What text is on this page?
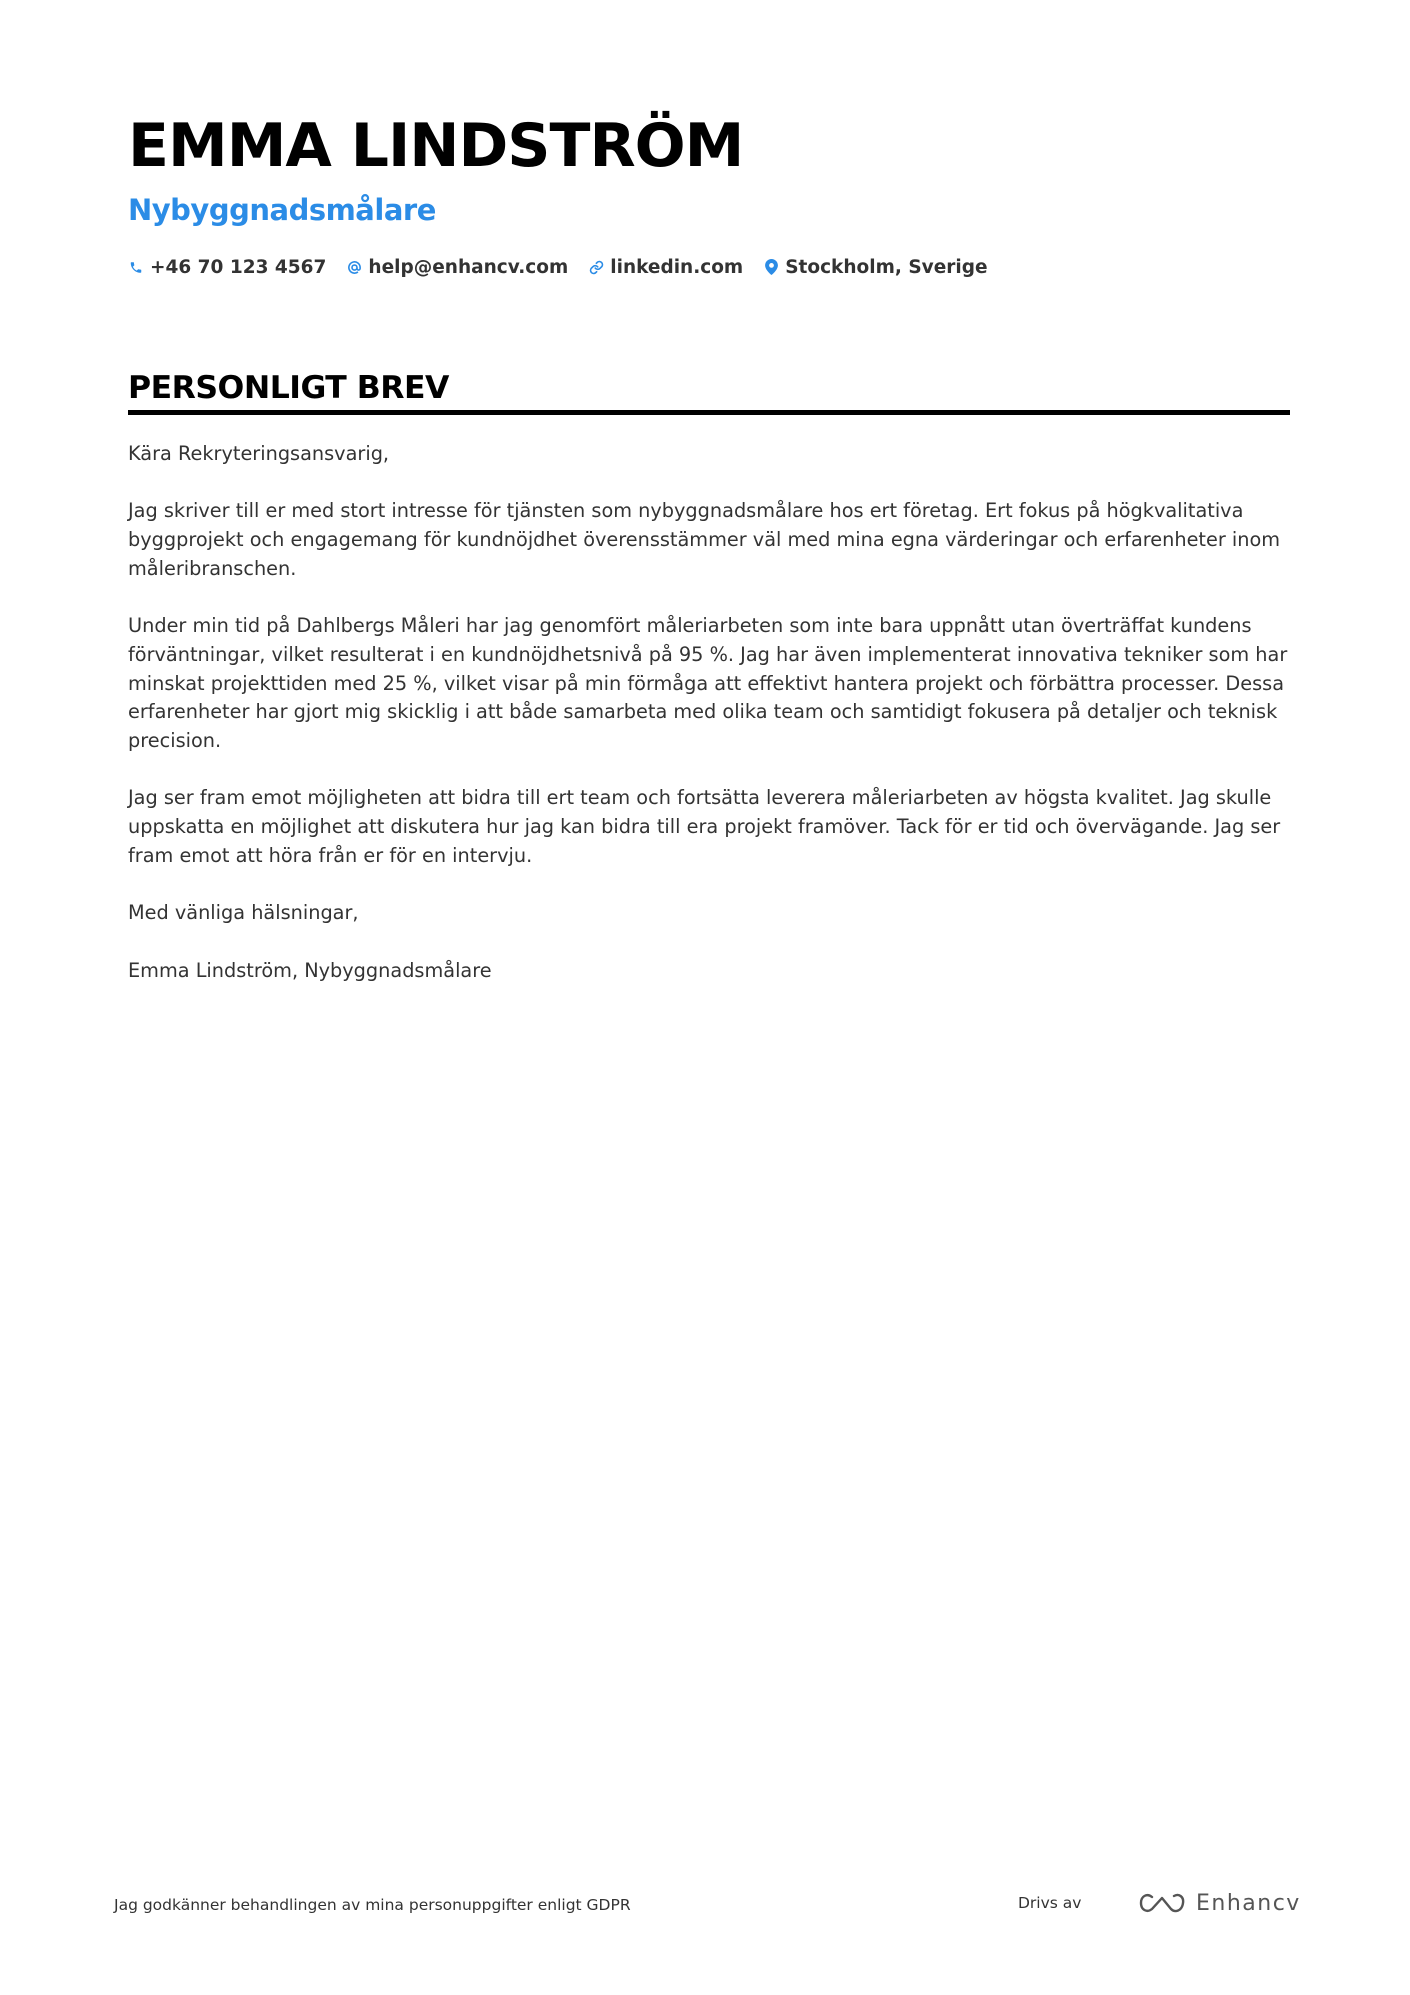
EMMA LINDSTRÖM
Nybyggnadsmålare
+46 70 123 4567 help@enhancv.com linkedin.com Stockholm, Sverige
PERSONLIGT BREV

Kära Rekryteringsansvarig,

Jag skriver till er med stort intresse för tjänsten som nybyggnadsmålare hos ert företag. Ert fokus på högkvalitativa byggprojekt och engagemang för kundnöjdhet överensstämmer väl med mina egna värderingar och erfarenheter inom måleribranschen.

Under min tid på Dahlbergs Måleri har jag genomfört måleriarbeten som inte bara uppnått utan överträffat kundens förväntningar, vilket resulterat i en kundnöjdhetsnivå på 95 %. Jag har även implementerat innovativa tekniker som har minskat projekttiden med 25 %, vilket visar på min förmåga att effektivt hantera projekt och förbättra processer. Dessa erfarenheter har gjort mig skicklig i att både samarbeta med olika team och samtidigt fokusera på detaljer och teknisk precision.

Jag ser fram emot möjligheten att bidra till ert team och fortsätta leverera måleriarbeten av högsta kvalitet. Jag skulle uppskatta en möjlighet att diskutera hur jag kan bidra till era projekt framöver. Tack för er tid och övervägande. Jag ser fram emot att höra från er för en intervju.

Med vänliga hälsningar,

Emma Lindström, Nybyggnadsmålare

Jag godkänner behandlingen av mina personuppgifter enligt GDPR	Drivs av	Enhancv
